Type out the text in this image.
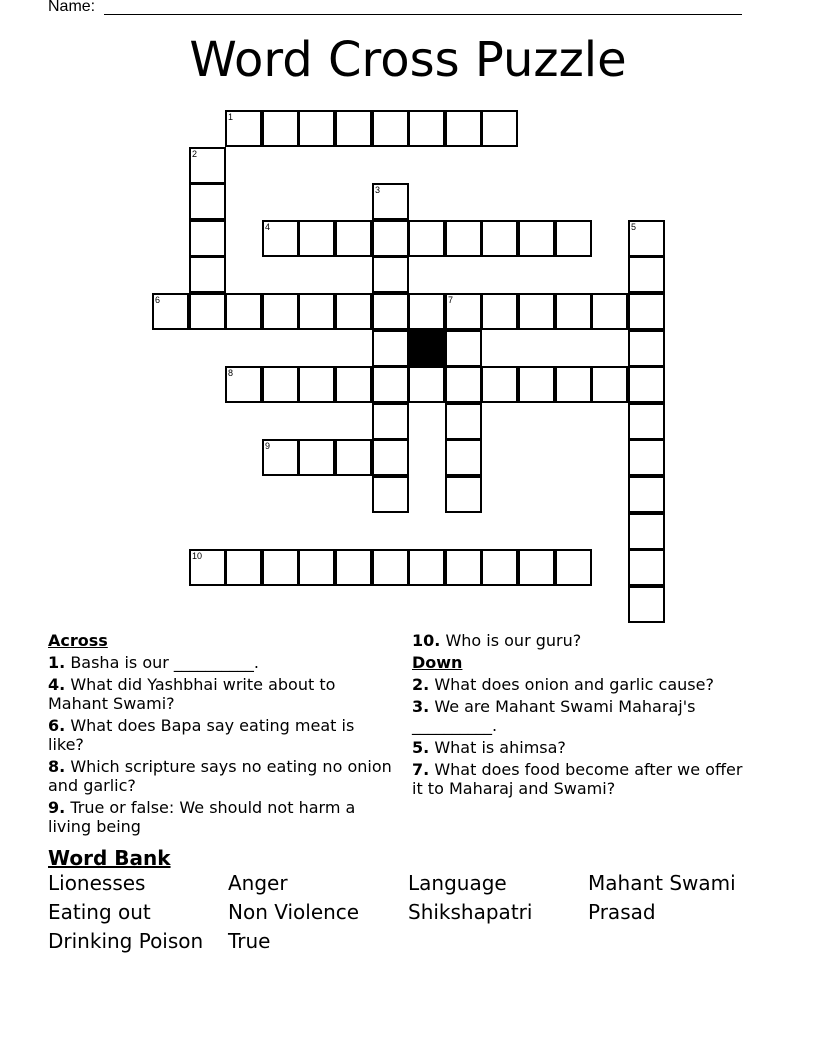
Name:
Word Cross Puzzle
1
4
6	7
8
9
10
2
3
5
Across
1. Basha is our __________.
4. What did Yashbhai write about to Mahant Swami?
6. What does Bapa say eating meat is like?
8. Which scripture says no eating no onion and garlic?
9. True or false: We should not harm a living being
10. Who is our guru?
Down
2. What does onion and garlic cause?
3. We are Mahant Swami Maharaj's __________.
5. What is ahimsa?
7. What does food become after we offer it to Maharaj and Swami?
Word Bank
Lionesses	Anger	Language	Mahant Swami
Eating out	Non Violence	Shikshapatri	Prasad
Drinking Poison	True
